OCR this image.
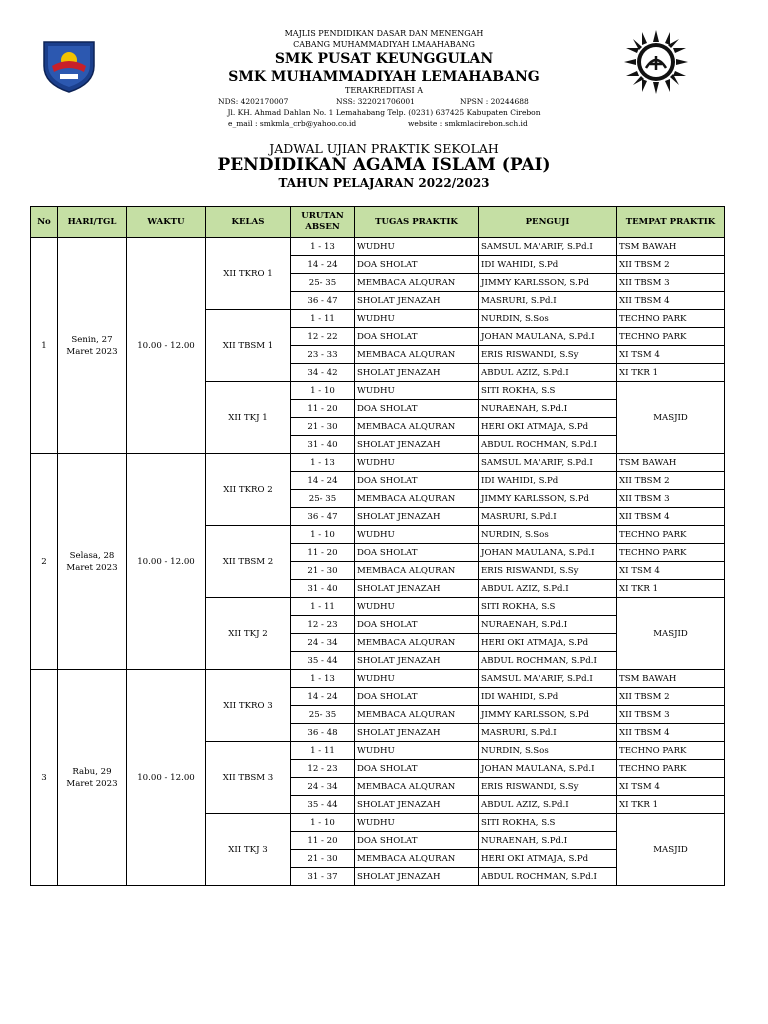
MAJLIS PENDIDIKAN DASAR DAN MENENGAH
CABANG MUHAMMADIYAH LMAAHABANG
SMK PUSAT KEUNGGULAN
SMK MUHAMMADIYAH LEMAHABANG
TERAKREDITASI A
NDS: 4202170007	NSS: 322021706001	NPSN : 20244688
Jl. KH. Ahmad Dahlan No. 1 Lemahabang Telp. (0231) 637425 Kabupaten Cirebon
e_mail : smkmla_crb@yahoo.co.id	website : smkmlacirebon.sch.id
JADWAL UJIAN PRAKTIK SEKOLAH
PENDIDIKAN AGAMA ISLAM (PAI)
TAHUN PELAJARAN 2022/2023
No	HARI/TGL	WAKTU	KELAS	URUTAN ABSEN	TUGAS PRAKTIK	PENGUJI	TEMPAT PRAKTIK
1	Senin, 27 Maret 2023	10.00 - 12.00	XII TKRO 1	1 - 13	WUDHU	SAMSUL MA'ARIF, S.Pd.I	TSM BAWAH
				14 - 24	DOA SHOLAT	IDI WAHIDI, S.Pd	XII TBSM 2
				25- 35	MEMBACA ALQURAN	JIMMY KARLSSON, S.Pd	XII TBSM 3
				36 - 47	SHOLAT JENAZAH	MASRURI, S.Pd.I	XII TBSM 4
			XII TBSM 1	1 - 11	WUDHU	NURDIN, S.Sos	TECHNO PARK
				12 - 22	DOA SHOLAT	JOHAN MAULANA, S.Pd.I	TECHNO PARK
				23 - 33	MEMBACA ALQURAN	ERIS RISWANDI, S.Sy	XI TSM 4
				34 - 42	SHOLAT JENAZAH	ABDUL AZIZ, S.Pd.I	XI TKR 1
			XII TKJ 1	1 - 10	WUDHU	SITI ROKHA, S.S	MASJID
				11 - 20	DOA SHOLAT	NURAENAH, S.Pd.I	
				21 - 30	MEMBACA ALQURAN	HERI OKI ATMAJA, S.Pd	
				31 - 40	SHOLAT JENAZAH	ABDUL ROCHMAN, S.Pd.I	
2	Selasa, 28 Maret 2023	10.00 - 12.00	XII TKRO 2	1 - 13	WUDHU	SAMSUL MA'ARIF, S.Pd.I	TSM BAWAH
				14 - 24	DOA SHOLAT	IDI WAHIDI, S.Pd	XII TBSM 2
				25- 35	MEMBACA ALQURAN	JIMMY KARLSSON, S.Pd	XII TBSM 3
				36 - 47	SHOLAT JENAZAH	MASRURI, S.Pd.I	XII TBSM 4
			XII TBSM 2	1 - 10	WUDHU	NURDIN, S.Sos	TECHNO PARK
				11 - 20	DOA SHOLAT	JOHAN MAULANA, S.Pd.I	TECHNO PARK
				21 - 30	MEMBACA ALQURAN	ERIS RISWANDI, S.Sy	XI TSM 4
				31 - 40	SHOLAT JENAZAH	ABDUL AZIZ, S.Pd.I	XI TKR 1
			XII TKJ 2	1 - 11	WUDHU	SITI ROKHA, S.S	MASJID
				12 - 23	DOA SHOLAT	NURAENAH, S.Pd.I	
				24 - 34	MEMBACA ALQURAN	HERI OKI ATMAJA, S.Pd	
				35 - 44	SHOLAT JENAZAH	ABDUL ROCHMAN, S.Pd.I	
3	Rabu, 29 Maret 2023	10.00 - 12.00	XII TKRO 3	1 - 13	WUDHU	SAMSUL MA'ARIF, S.Pd.I	TSM BAWAH
				14 - 24	DOA SHOLAT	IDI WAHIDI, S.Pd	XII TBSM 2
				25- 35	MEMBACA ALQURAN	JIMMY KARLSSON, S.Pd	XII TBSM 3
				36 - 48	SHOLAT JENAZAH	MASRURI, S.Pd.I	XII TBSM 4
			XII TBSM 3	1 - 11	WUDHU	NURDIN, S.Sos	TECHNO PARK
				12 - 23	DOA SHOLAT	JOHAN MAULANA, S.Pd.I	TECHNO PARK
				24 - 34	MEMBACA ALQURAN	ERIS RISWANDI, S.Sy	XI TSM 4
				35 - 44	SHOLAT JENAZAH	ABDUL AZIZ, S.Pd.I	XI TKR 1
			XII TKJ 3	1 - 10	WUDHU	SITI ROKHA, S.S	MASJID
				11 - 20	DOA SHOLAT	NURAENAH, S.Pd.I	
				21 - 30	MEMBACA ALQURAN	HERI OKI ATMAJA, S.Pd	
				31 - 37	SHOLAT JENAZAH	ABDUL ROCHMAN, S.Pd.I	
